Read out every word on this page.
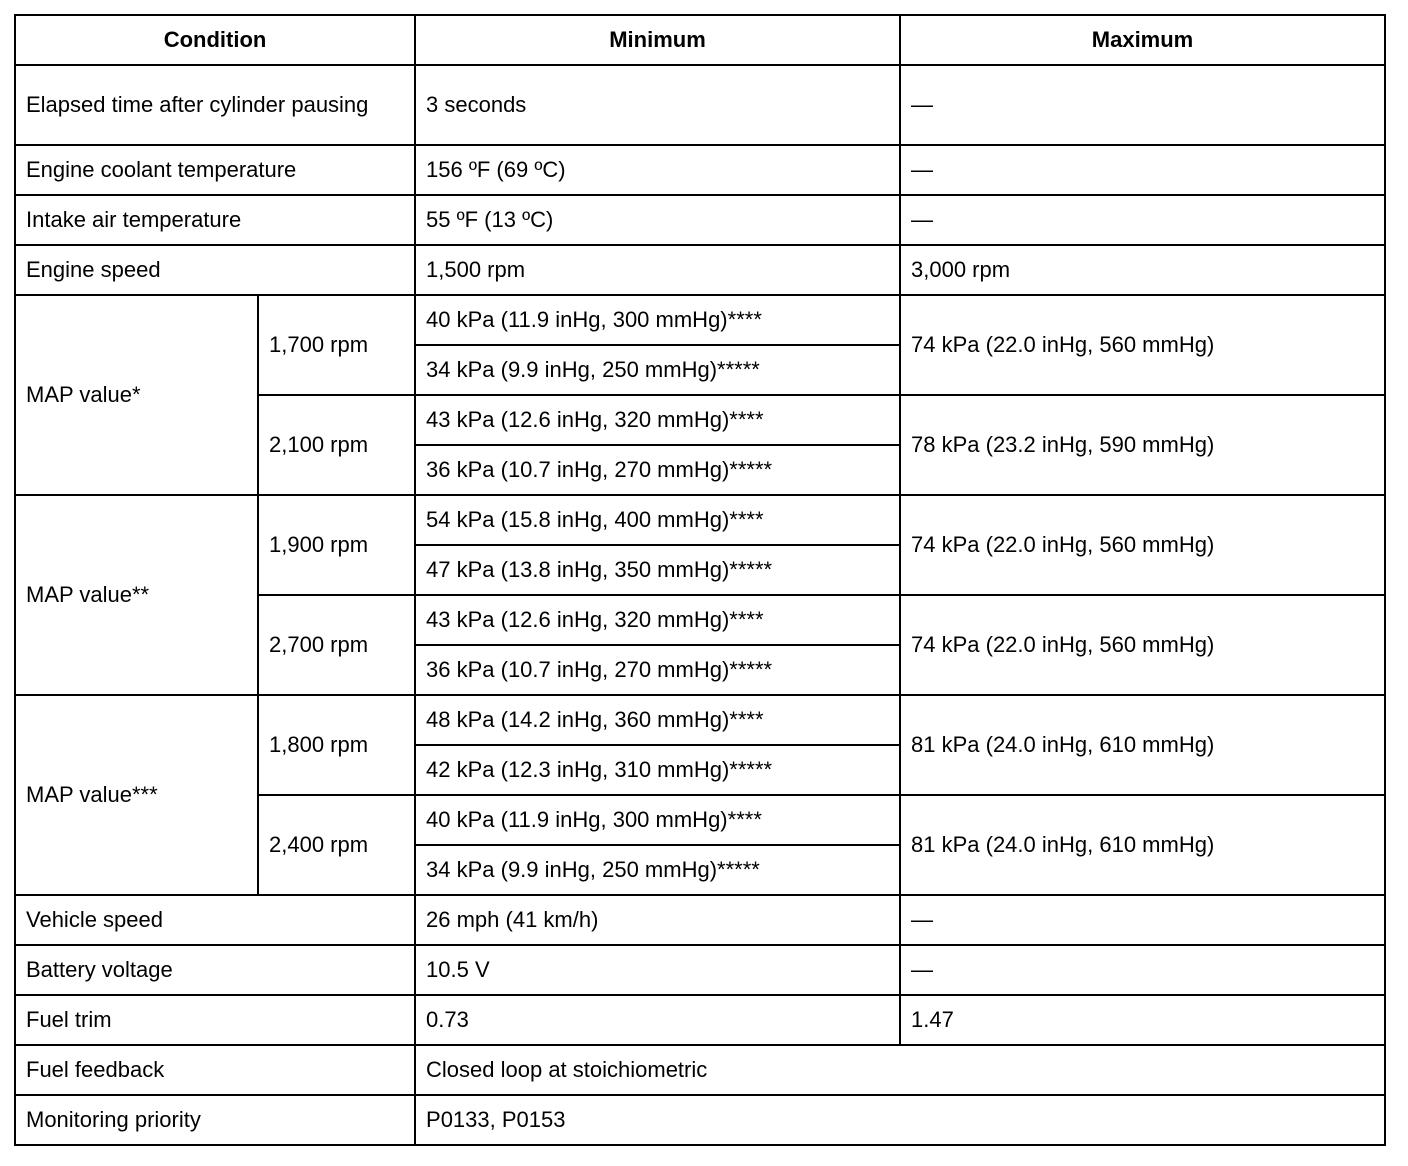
Condition		Minimum	Maximum
Elapsed time after cylinder pausing		3 seconds	—
Engine coolant temperature		156 ºF (69 ºC)	—
Intake air temperature		55 ºF (13 ºC)	—
Engine speed		1,500 rpm	3,000 rpm
MAP value*	1,700 rpm	40 kPa (11.9 inHg, 300 mmHg)****	74 kPa (22.0 inHg, 560 mmHg)
		34 kPa (9.9 inHg, 250 mmHg)*****	
	2,100 rpm	43 kPa (12.6 inHg, 320 mmHg)****	78 kPa (23.2 inHg, 590 mmHg)
		36 kPa (10.7 inHg, 270 mmHg)*****	
MAP value**	1,900 rpm	54 kPa (15.8 inHg, 400 mmHg)****	74 kPa (22.0 inHg, 560 mmHg)
		47 kPa (13.8 inHg, 350 mmHg)*****	
	2,700 rpm	43 kPa (12.6 inHg, 320 mmHg)****	74 kPa (22.0 inHg, 560 mmHg)
		36 kPa (10.7 inHg, 270 mmHg)*****	
MAP value***	1,800 rpm	48 kPa (14.2 inHg, 360 mmHg)****	81 kPa (24.0 inHg, 610 mmHg)
		42 kPa (12.3 inHg, 310 mmHg)*****	
	2,400 rpm	40 kPa (11.9 inHg, 300 mmHg)****	81 kPa (24.0 inHg, 610 mmHg)
		34 kPa (9.9 inHg, 250 mmHg)*****	
Vehicle speed		26 mph (41 km/h)	—
Battery voltage		10.5 V	—
Fuel trim		0.73	1.47
Fuel feedback		Closed loop at stoichiometric	
Monitoring priority		P0133, P0153	
